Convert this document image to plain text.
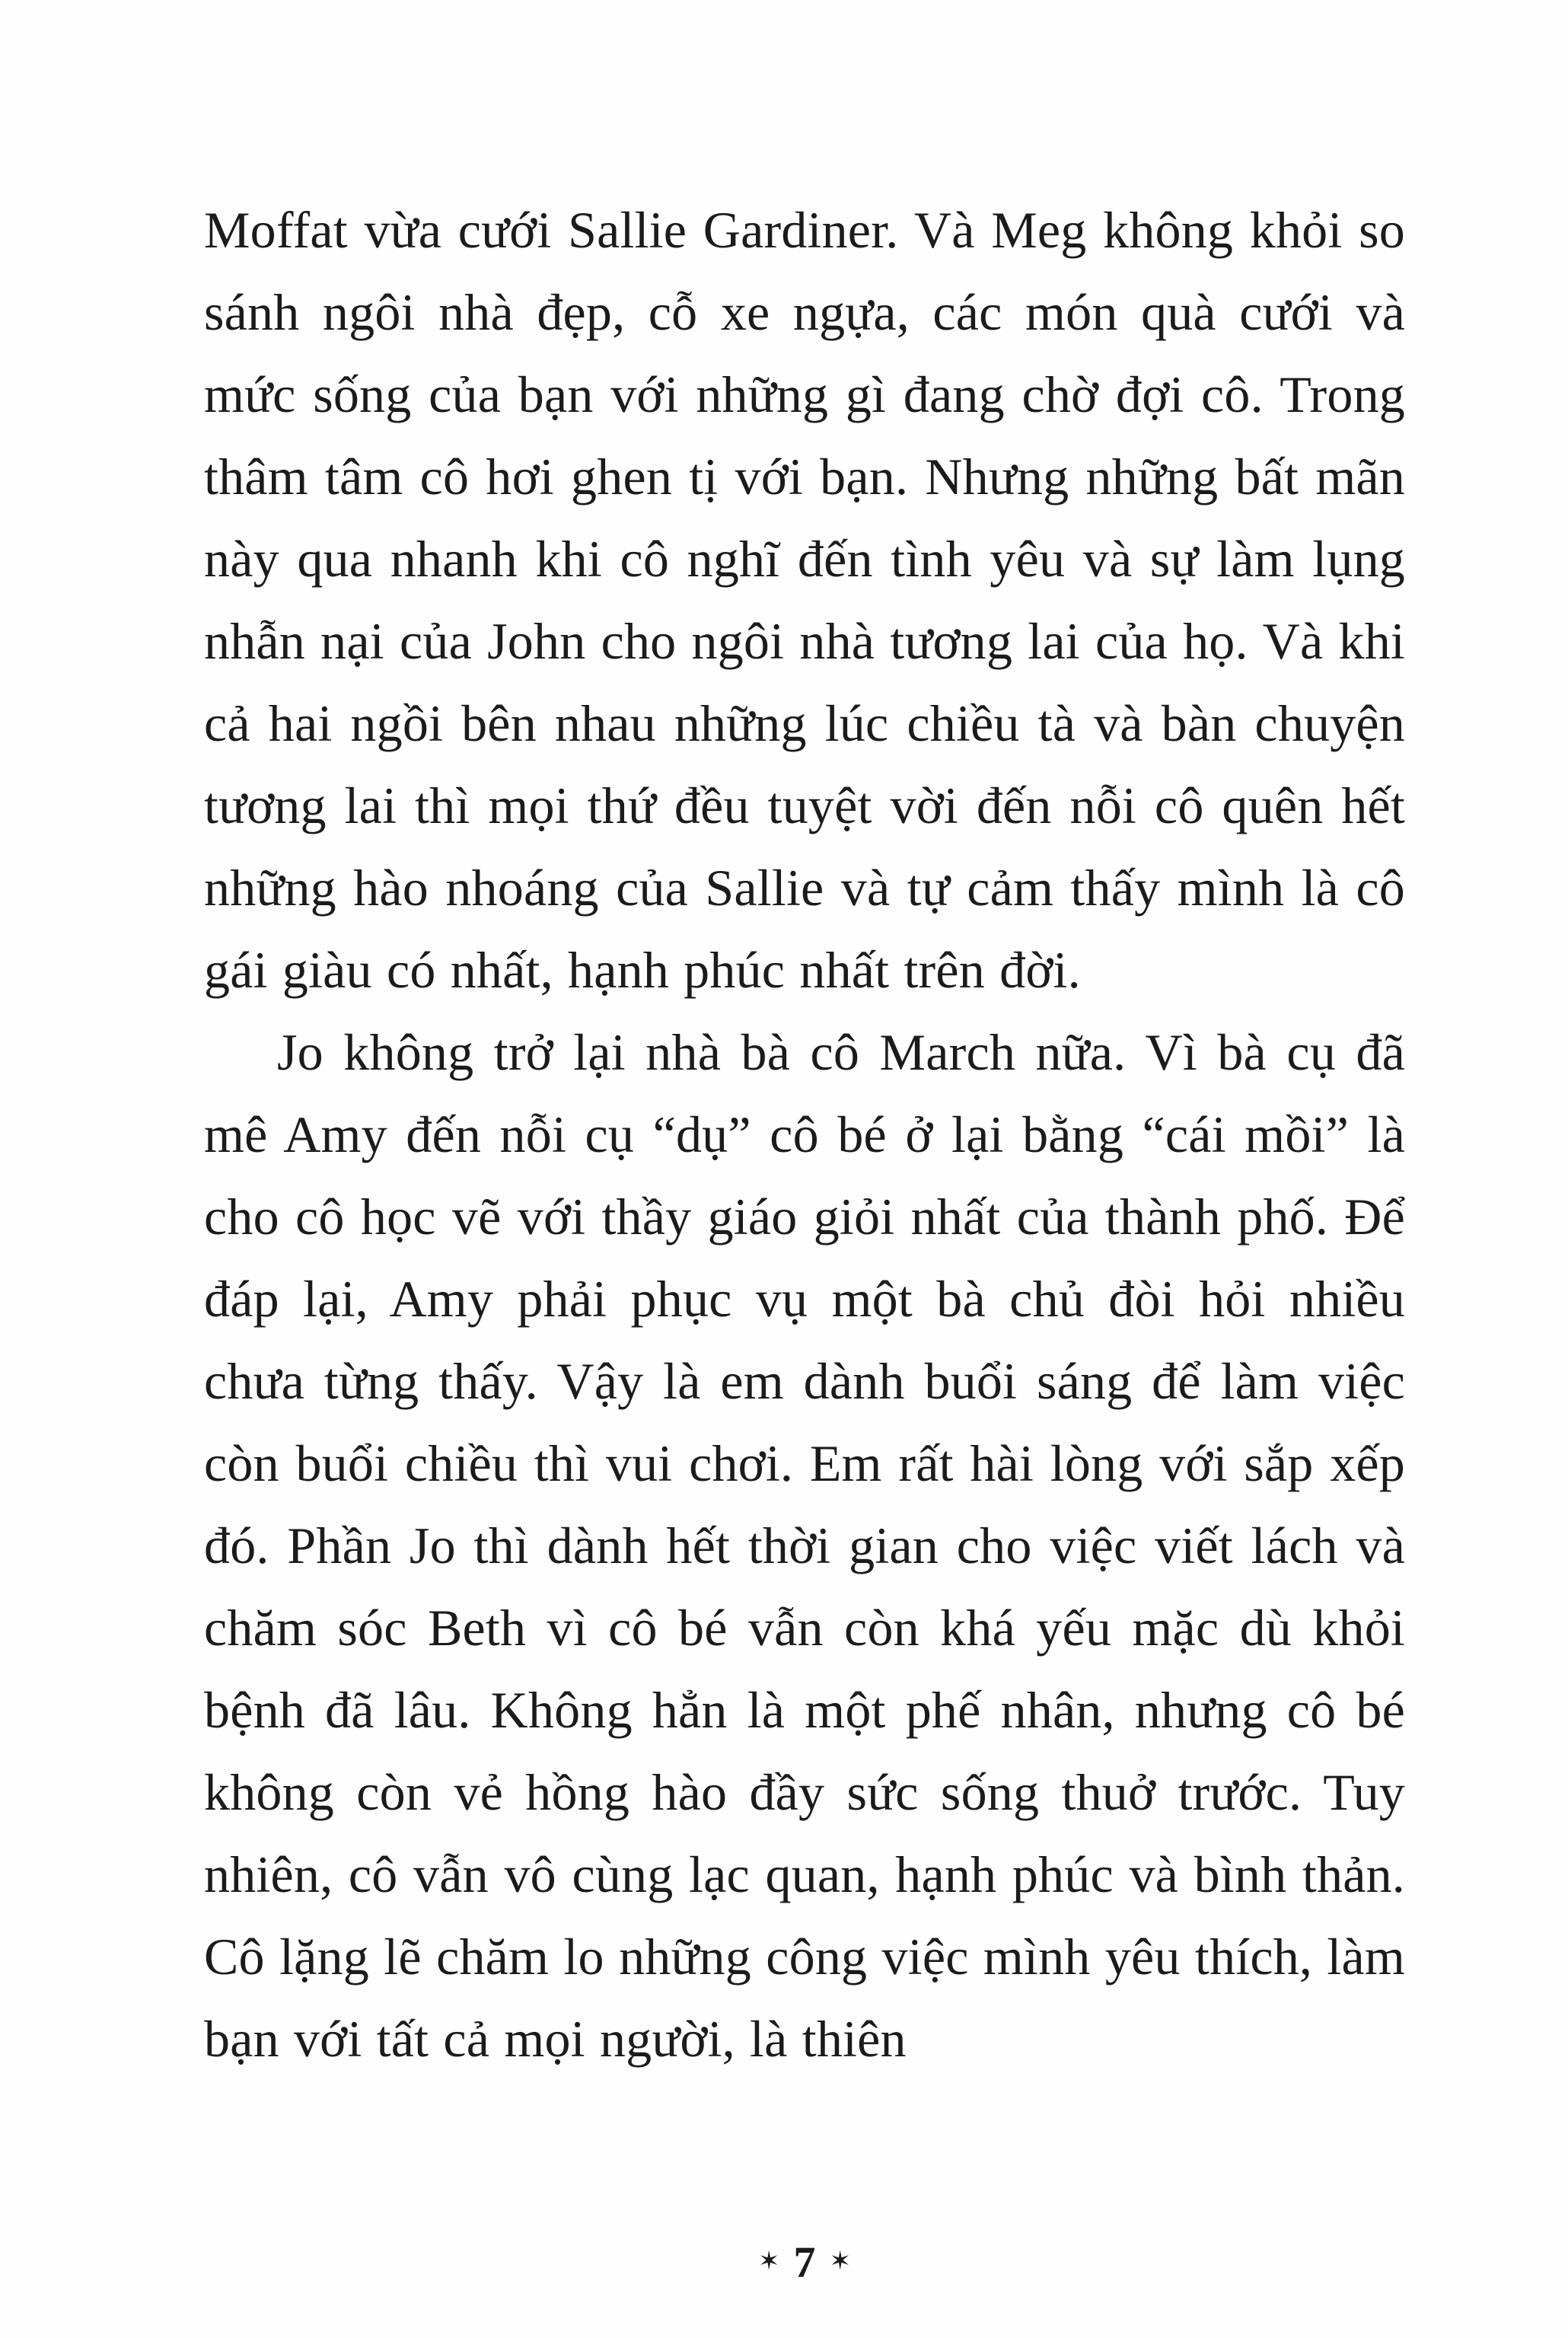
Moffat vừa cưới Sallie Gardiner. Và Meg không khỏi so sánh ngôi nhà đẹp, cỗ xe ngựa, các món quà cưới và mức sống của bạn với những gì đang chờ đợi cô. Trong thâm tâm cô hơi ghen tị với bạn. Nhưng những bất mãn này qua nhanh khi cô nghĩ đến tình yêu và sự làm lụng nhẫn nại của John cho ngôi nhà tương lai của họ. Và khi cả hai ngồi bên nhau những lúc chiều tà và bàn chuyện tương lai thì mọi thứ đều tuyệt vời đến nỗi cô quên hết những hào nhoáng của Sallie và tự cảm thấy mình là cô gái giàu có nhất, hạnh phúc nhất trên đời.

Jo không trở lại nhà bà cô March nữa. Vì bà cụ đã mê Amy đến nỗi cụ “dụ” cô bé ở lại bằng “cái mồi” là cho cô học vẽ với thầy giáo giỏi nhất của thành phố. Để đáp lại, Amy phải phục vụ một bà chủ đòi hỏi nhiều chưa từng thấy. Vậy là em dành buổi sáng để làm việc còn buổi chiều thì vui chơi. Em rất hài lòng với sắp xếp đó. Phần Jo thì dành hết thời gian cho việc viết lách và chăm sóc Beth vì cô bé vẫn còn khá yếu mặc dù khỏi bệnh đã lâu. Không hẳn là một phế nhân, nhưng cô bé không còn vẻ hồng hào đầy sức sống thuở trước. Tuy nhiên, cô vẫn vô cùng lạc quan, hạnh phúc và bình thản. Cô lặng lẽ chăm lo những công việc mình yêu thích, làm bạn với tất cả mọi người, là thiên

✶ 7 ✶
